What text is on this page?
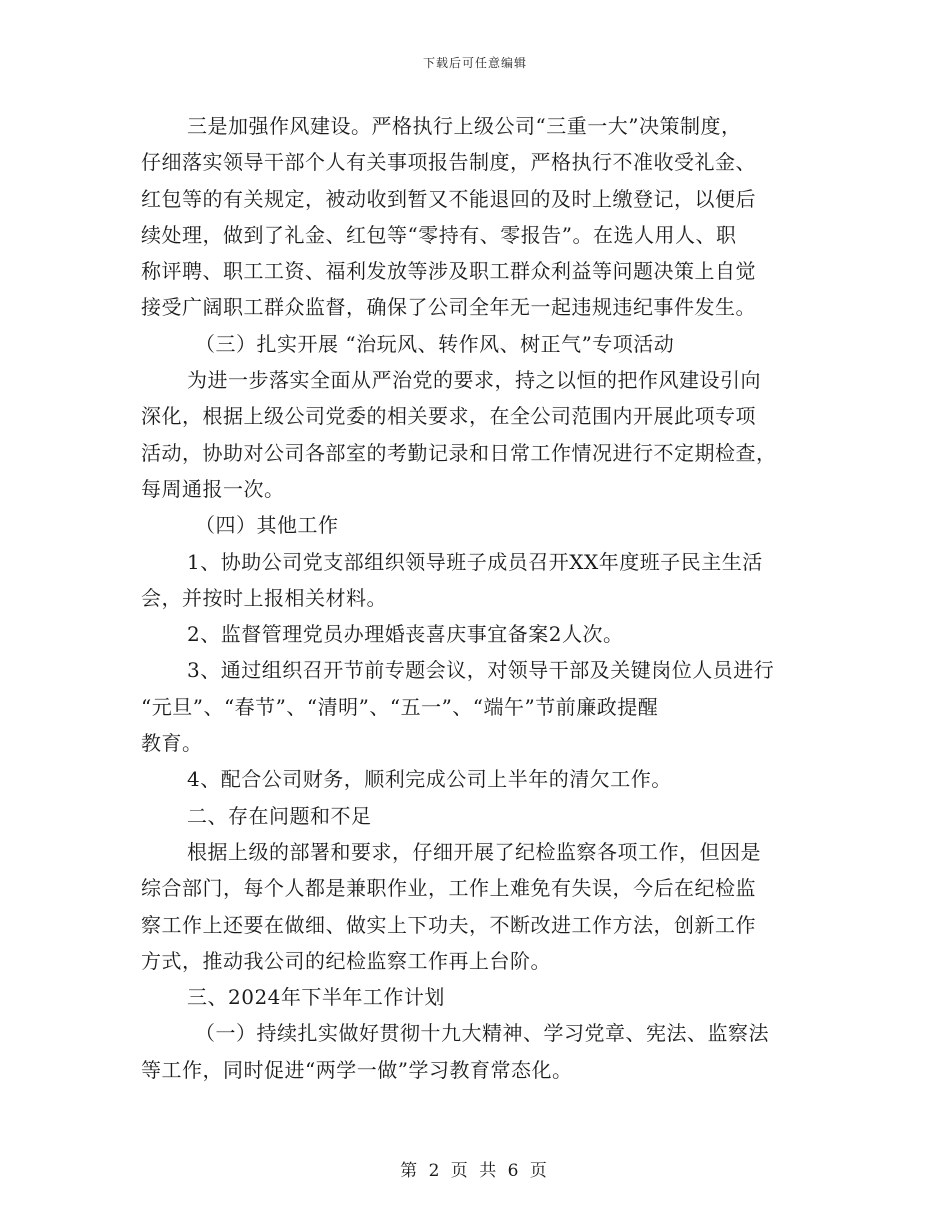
下载后可任意编辑
三是加强作风建设。严格执行上级公司“三重一大”决策制度，
仔细落实领导干部个人有关事项报告制度，严格执行不准收受礼金、
红包等的有关规定，被动收到暂又不能退回的及时上缴登记，以便后
续处理，做到了礼金、红包等“零持有、零报告”。在选人用人、职
称评聘、职工工资、福利发放等涉及职工群众利益等问题决策上自觉
接受广阔职工群众监督，确保了公司全年无一起违规违纪事件发生。
（三）扎实开展 “治玩风、转作风、树正气”专项活动
为进一步落实全面从严治党的要求，持之以恒的把作风建设引向
深化，根据上级公司党委的相关要求，在全公司范围内开展此项专项
活动，协助对公司各部室的考勤记录和日常工作情况进行不定期检查，
每周通报一次。
（四）其他工作
1、协助公司党支部组织领导班子成员召开XX年度班子民主生活
会，并按时上报相关材料。
2、监督管理党员办理婚丧喜庆事宜备案2人次。
3、通过组织召开节前专题会议，对领导干部及关键岗位人员进行
“元旦”、“春节”、“清明”、“五一”、“端午”节前廉政提醒
教育。
4、配合公司财务，顺利完成公司上半年的清欠工作。
二、存在问题和不足
根据上级的部署和要求，仔细开展了纪检监察各项工作，但因是
综合部门，每个人都是兼职作业，工作上难免有失误，今后在纪检监
察工作上还要在做细、做实上下功夫，不断改进工作方法，创新工作
方式，推动我公司的纪检监察工作再上台阶。
三、2024年下半年工作计划
（一）持续扎实做好贯彻十九大精神、学习党章、宪法、监察法
等工作，同时促进“两学一做”学习教育常态化。
第 2 页 共 6 页
